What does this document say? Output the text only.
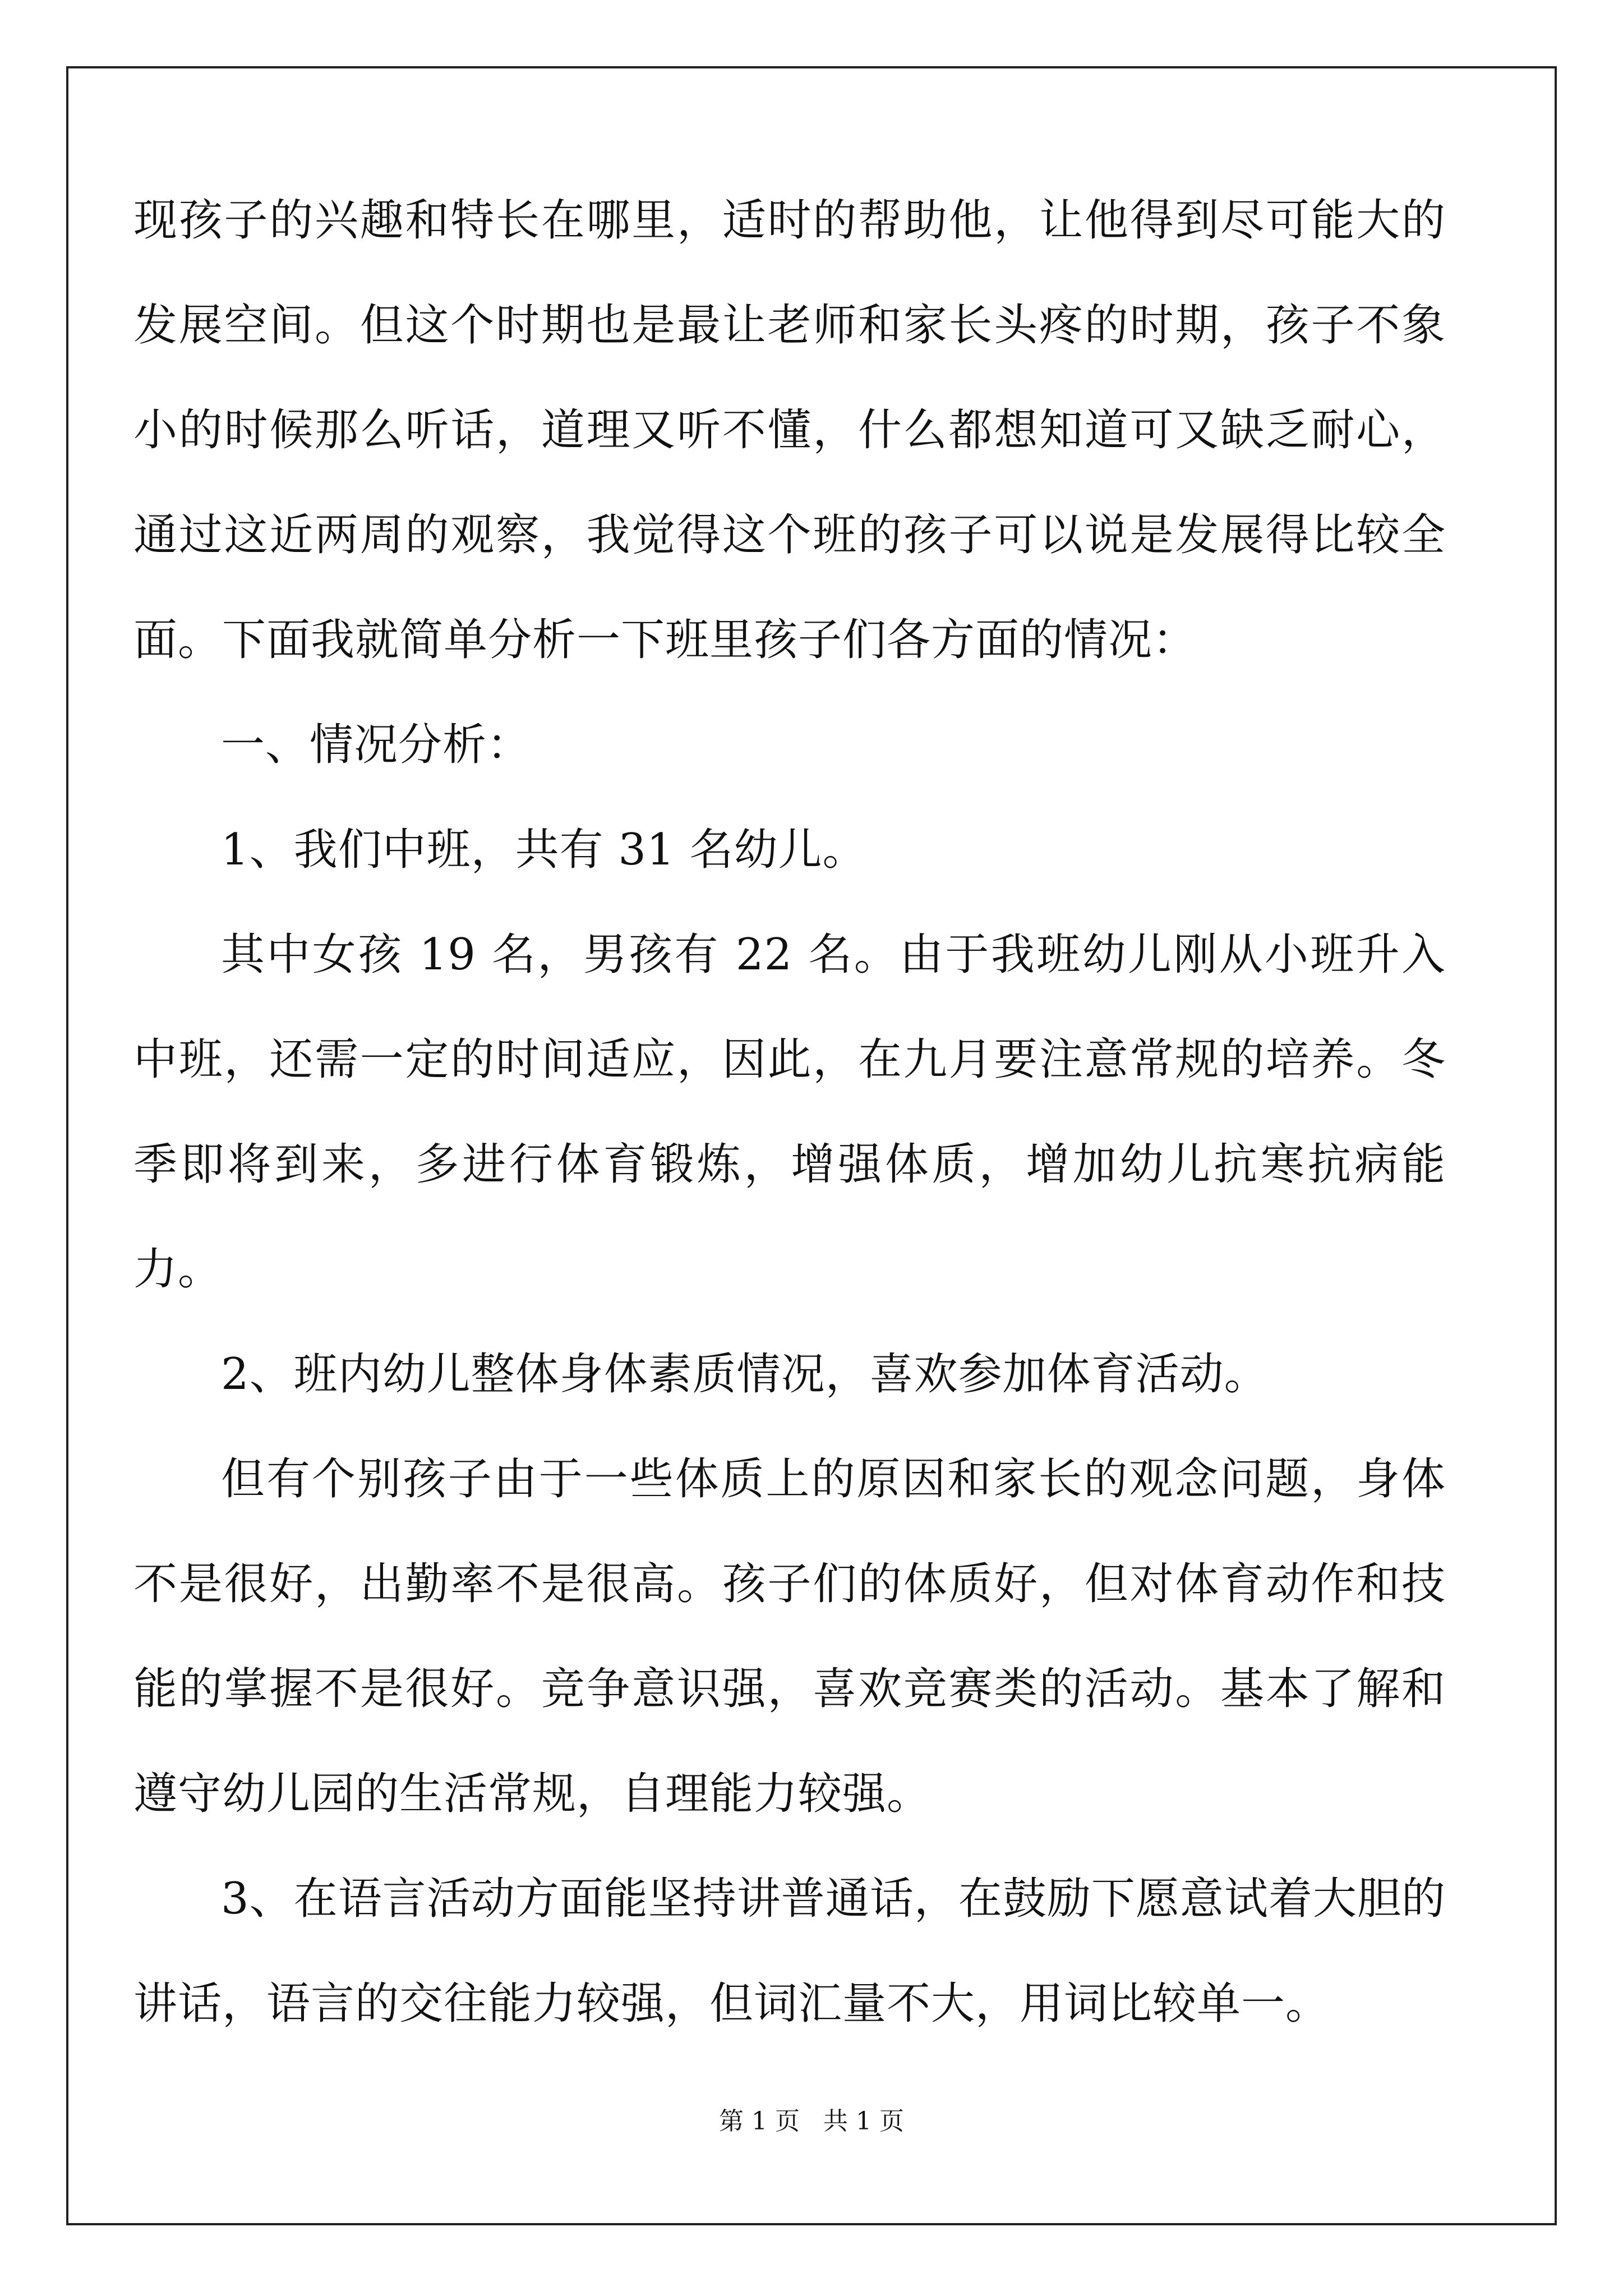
现孩子的兴趣和特长在哪里，适时的帮助他，让他得到尽可能大的发展空间。但这个时期也是最让老师和家长头疼的时期，孩子不象小的时候那么听话，道理又听不懂，什么都想知道可又缺乏耐心，通过这近两周的观察，我觉得这个班的孩子可以说是发展得比较全面。下面我就简单分析一下班里孩子们各方面的情况：

一、情况分析：

1、我们中班，共有 31 名幼儿。

其中女孩 19 名，男孩有 22 名。由于我班幼儿刚从小班升入中班，还需一定的时间适应，因此，在九月要注意常规的培养。冬季即将到来，多进行体育锻炼，增强体质，增加幼儿抗寒抗病能力。

2、班内幼儿整体身体素质情况，喜欢参加体育活动。

但有个别孩子由于一些体质上的原因和家长的观念问题，身体不是很好，出勤率不是很高。孩子们的体质好，但对体育动作和技能的掌握不是很好。竞争意识强，喜欢竞赛类的活动。基本了解和遵守幼儿园的生活常规，自理能力较强。

3、在语言活动方面能坚持讲普通话，在鼓励下愿意试着大胆的讲话，语言的交往能力较强，但词汇量不大，用词比较单一。

第 1 页   共 1 页
